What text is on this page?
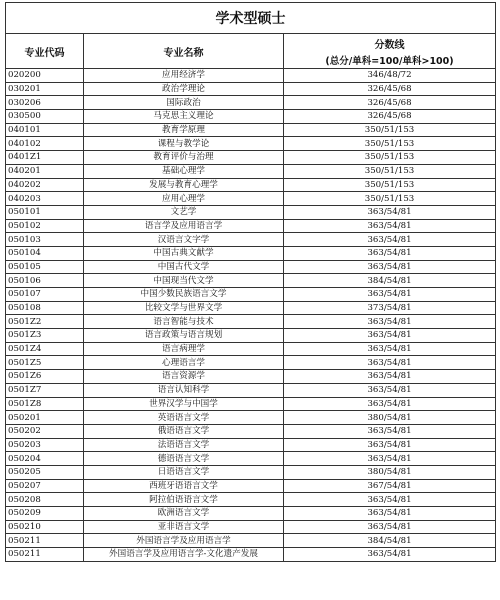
学术型硕士		
专业代码	专业名称	分数线
(总分/单科=100/单科>100)

020200	应用经济学	346/48/72
030201	政治学理论	326/45/68
030206	国际政治	326/45/68
030500	马克思主义理论	326/45/68
040101	教育学原理	350/51/153
040102	课程与教学论	350/51/153
0401Z1	教育评价与治理	350/51/153
040201	基础心理学	350/51/153
040202	发展与教育心理学	350/51/153
040203	应用心理学	350/51/153
050101	文艺学	363/54/81
050102	语言学及应用语言学	363/54/81
050103	汉语言文字学	363/54/81
050104	中国古典文献学	363/54/81
050105	中国古代文学	363/54/81
050106	中国现当代文学	384/54/81
050107	中国少数民族语言文学	363/54/81
050108	比较文学与世界文学	373/54/81
0501Z2	语言智能与技术	363/54/81
0501Z3	语言政策与语言规划	363/54/81
0501Z4	语言病理学	363/54/81
0501Z5	心理语言学	363/54/81
0501Z6	语言资源学	363/54/81
0501Z7	语言认知科学	363/54/81
0501Z8	世界汉学与中国学	363/54/81
050201	英语语言文学	380/54/81
050202	俄语语言文学	363/54/81
050203	法语语言文学	363/54/81
050204	德语语言文学	363/54/81
050205	日语语言文学	380/54/81
050207	西班牙语语言文学	367/54/81
050208	阿拉伯语语言文学	363/54/81
050209	欧洲语言文学	363/54/81
050210	亚非语言文学	363/54/81
050211	外国语言学及应用语言学	384/54/81
050211	外国语言学及应用语言学-文化遗产发展	363/54/81
